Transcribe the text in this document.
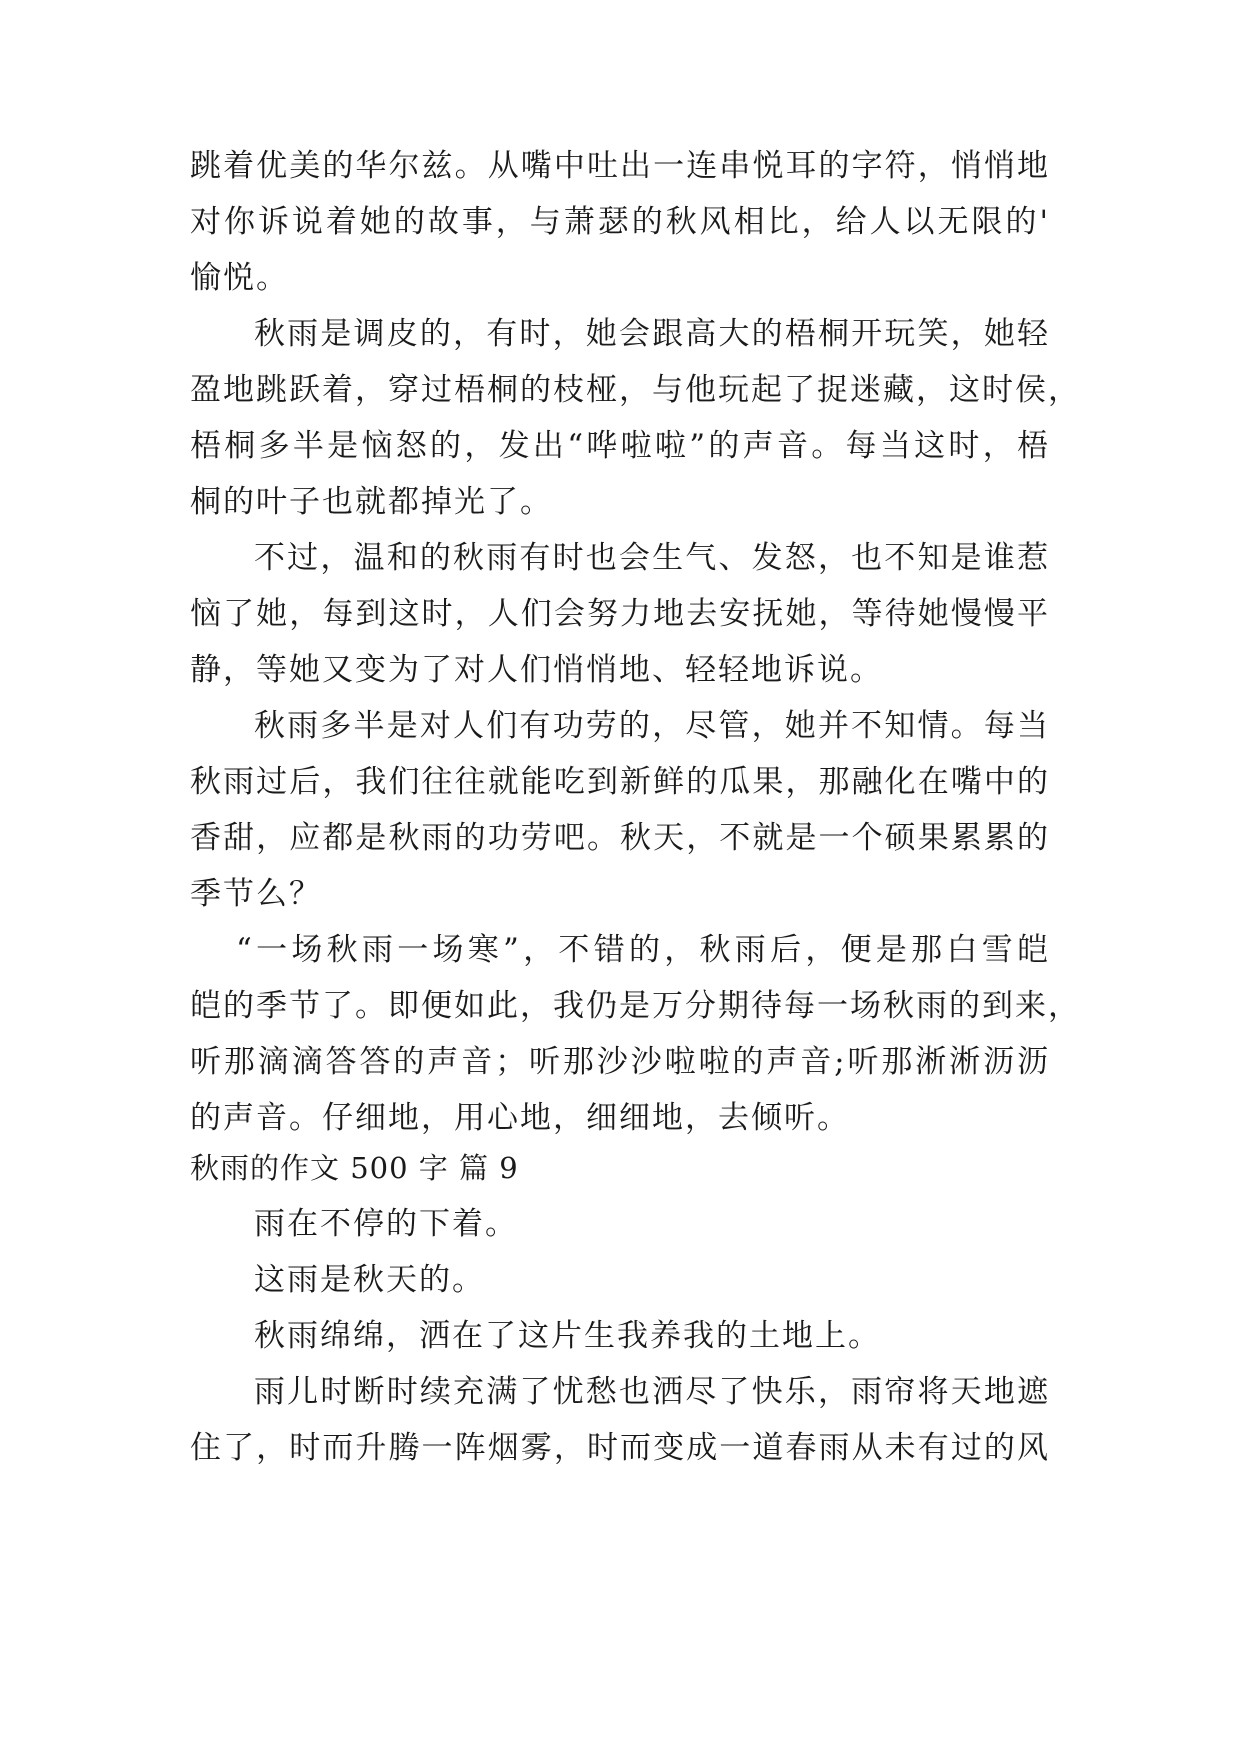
跳着优美的华尔兹。从嘴中吐出一连串悦耳的字符，悄悄地
对你诉说着她的故事，与萧瑟的秋风相比，给人以无限的'
愉悦。
秋雨是调皮的，有时，她会跟高大的梧桐开玩笑，她轻
盈地跳跃着，穿过梧桐的枝桠，与他玩起了捉迷藏，这时侯，
梧桐多半是恼怒的，发出“哗啦啦”的声音。每当这时，梧
桐的叶子也就都掉光了。
不过，温和的秋雨有时也会生气、发怒，也不知是谁惹
恼了她，每到这时，人们会努力地去安抚她，等待她慢慢平
静，等她又变为了对人们悄悄地、轻轻地诉说。
秋雨多半是对人们有功劳的，尽管，她并不知情。每当
秋雨过后，我们往往就能吃到新鲜的瓜果，那融化在嘴中的
香甜，应都是秋雨的功劳吧。秋天，不就是一个硕果累累的
季节么？
“一场秋雨一场寒”，不错的，秋雨后，便是那白雪皑
皑的季节了。即便如此，我仍是万分期待每一场秋雨的到来，
听那滴滴答答的声音；听那沙沙啦啦的声音;听那淅淅沥沥
的声音。仔细地，用心地，细细地，去倾听。
秋雨的作文 500 字 篇 9
雨在不停的下着。
这雨是秋天的。
秋雨绵绵，洒在了这片生我养我的土地上。
雨儿时断时续充满了忧愁也洒尽了快乐，雨帘将天地遮
住了，时而升腾一阵烟雾，时而变成一道春雨从未有过的风
